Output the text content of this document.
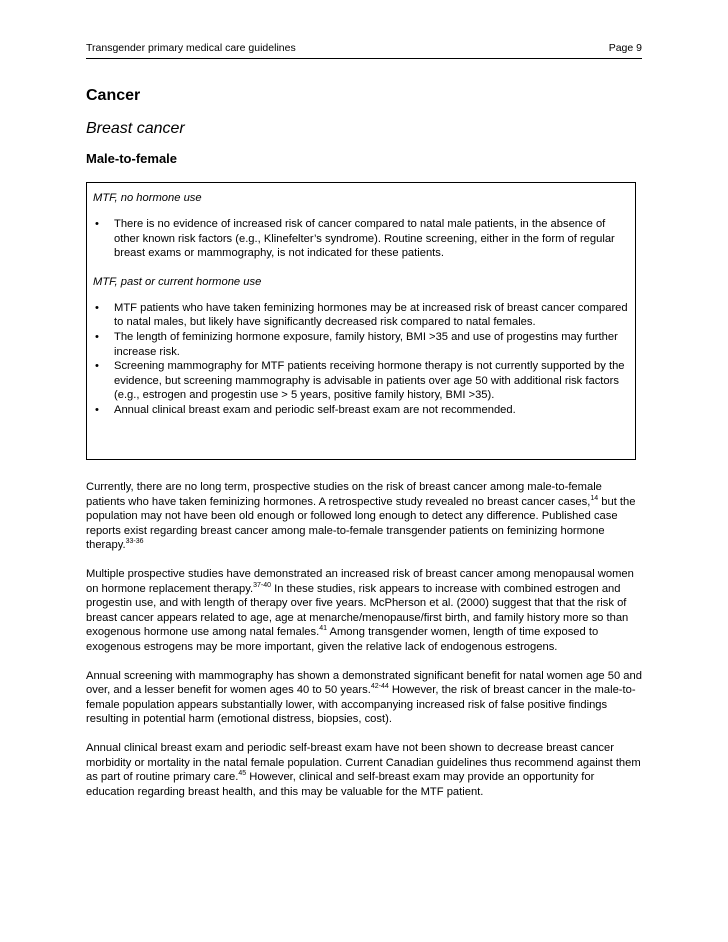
Transgender primary medical care guidelines	Page 9
Cancer
Breast cancer
Male-to-female

MTF, no hormone use

• There is no evidence of increased risk of cancer compared to natal male patients, in the absence of other known risk factors (e.g., Klinefelter’s syndrome). Routine screening, either in the form of regular breast exams or mammography, is not indicated for these patients.

MTF, past or current hormone use

• MTF patients who have taken feminizing hormones may be at increased risk of breast cancer compared to natal males, but likely have significantly decreased risk compared to natal females.
• The length of feminizing hormone exposure, family history, BMI >35 and use of progestins may further increase risk.
• Screening mammography for MTF patients receiving hormone therapy is not currently supported by the evidence, but screening mammography is advisable in patients over age 50 with additional risk factors (e.g., estrogen and progestin use > 5 years, positive family history, BMI >35).
• Annual clinical breast exam and periodic self-breast exam are not recommended.

Currently, there are no long term, prospective studies on the risk of breast cancer among male-to-female patients who have taken feminizing hormones. A retrospective study revealed no breast cancer cases,$^{14}$ but the population may not have been old enough or followed long enough to detect any difference. Published case reports exist regarding breast cancer among male-to-female transgender patients on feminizing hormone therapy.$^{33-36}$

Multiple prospective studies have demonstrated an increased risk of breast cancer among menopausal women on hormone replacement therapy.$^{37-40}$ In these studies, risk appears to increase with combined estrogen and progestin use, and with length of therapy over five years. McPherson et al. (2000) suggest that that the risk of breast cancer appears related to age, age at menarche/menopause/first birth, and family history more so than exogenous hormone use among natal females.$^{41}$ Among transgender women, length of time exposed to exogenous estrogens may be more important, given the relative lack of endogenous estrogens.

Annual screening with mammography has shown a demonstrated significant benefit for natal women age 50 and over, and a lesser benefit for women ages 40 to 50 years.$^{42-44}$ However, the risk of breast cancer in the male-to-female population appears substantially lower, with accompanying increased risk of false positive findings resulting in potential harm (emotional distress, biopsies, cost).

Annual clinical breast exam and periodic self-breast exam have not been shown to decrease breast cancer morbidity or mortality in the natal female population. Current Canadian guidelines thus recommend against them as part of routine primary care.$^{45}$ However, clinical and self-breast exam may provide an opportunity for education regarding breast health, and this may be valuable for the MTF patient.
